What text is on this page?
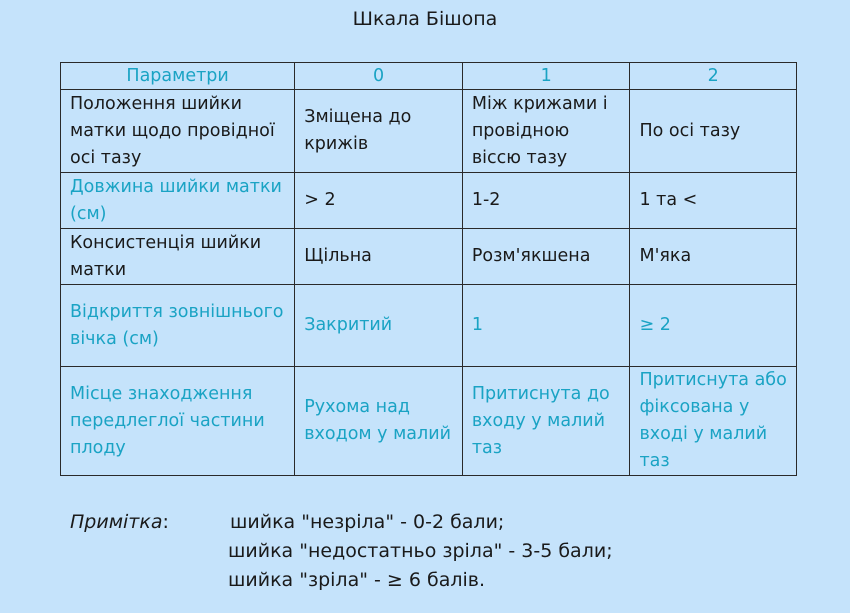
Шкала Бішопа
Параметри	0	1	2
Положення шийки матки щодо провідної осі тазу	Зміщена до крижів	Між крижами і провідною віссю тазу	По осі тазу
Довжина шийки матки (см)	> 2	1-2	1 та <
Консистенція шийки матки	Щільна	Розм'якшена	М'яка
Відкриття зовнішнього вічка (см)	Закритий	1	≥ 2
Місце знаходження передлеглої частини плоду	Рухома над входом у малий	Притиснута до входу у малий таз	Притиснута або фіксована у вході у малий таз
Примітка:	шийка "незріла" - 0-2 бали;
шийка "недостатньо зріла" - 3-5 бали;
шийка "зріла" - ≥ 6 балів.
